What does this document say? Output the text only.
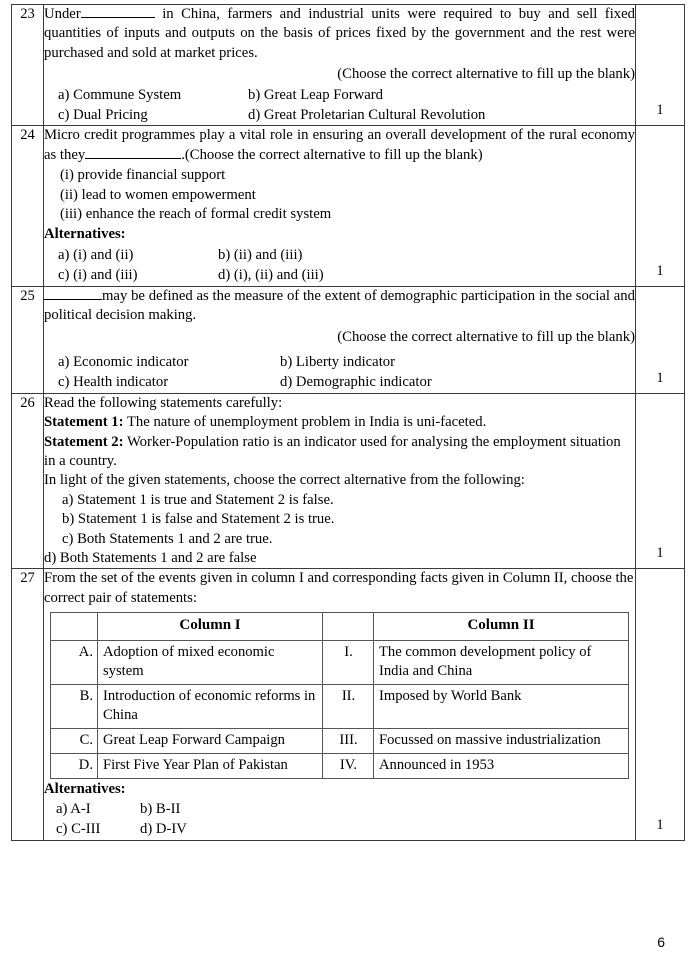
23	Under	in China, farmers and industrial units were required to buy and sell fixed quantities of inputs and outputs on the basis of prices fixed by the government and the rest were purchased and sold at market prices.

(Choose the correct alternative to fill up the blank)

a) Commune System	b) Great Leap Forward
c) Dual Pricing	d) Great Proletarian Cultural Revolution	1

24	Micro credit programmes play a vital role in ensuring an overall development of the rural economy as they	.(Choose the correct alternative to fill up the blank)

(i) provide financial support
(ii) lead to women empowerment
(iii) enhance the reach of formal credit system

Alternatives:

a) (i) and (ii)	b) (ii) and (iii)
c) (i) and (iii)	d) (i), (ii) and (iii)	1

25	may be defined as the measure of the extent of demographic participation in the social and political decision making.

(Choose the correct alternative to fill up the blank)

a) Economic indicator	b) Liberty indicator
c) Health indicator	d) Demographic indicator	1

26	Read the following statements carefully:

Statement 1: The nature of unemployment problem in India is uni-faceted.

Statement 2: Worker-Population ratio is an indicator used for analysing the employment situation in a country.

In light of the given statements, choose the correct alternative from the following:

a) Statement 1 is true and Statement 2 is false.
b) Statement 1 is false and Statement 2 is true.
c) Both Statements 1 and 2 are true.
d) Both Statements 1 and 2 are false	1

27	From the set of the events given in column I and corresponding facts given in Column II, choose the correct pair of statements:

	Column I		Column II
A.	Adoption of mixed economic system	I.	The common development policy of India and China
B.	Introduction of economic reforms in China	II.	Imposed by World Bank
C.	Great Leap Forward Campaign	III.	Focussed on massive industrialization
D.	First Five Year Plan of Pakistan	IV.	Announced in 1953

Alternatives:

a) A-I	b) B-II
c) C-III	d) D-IV	1
6
